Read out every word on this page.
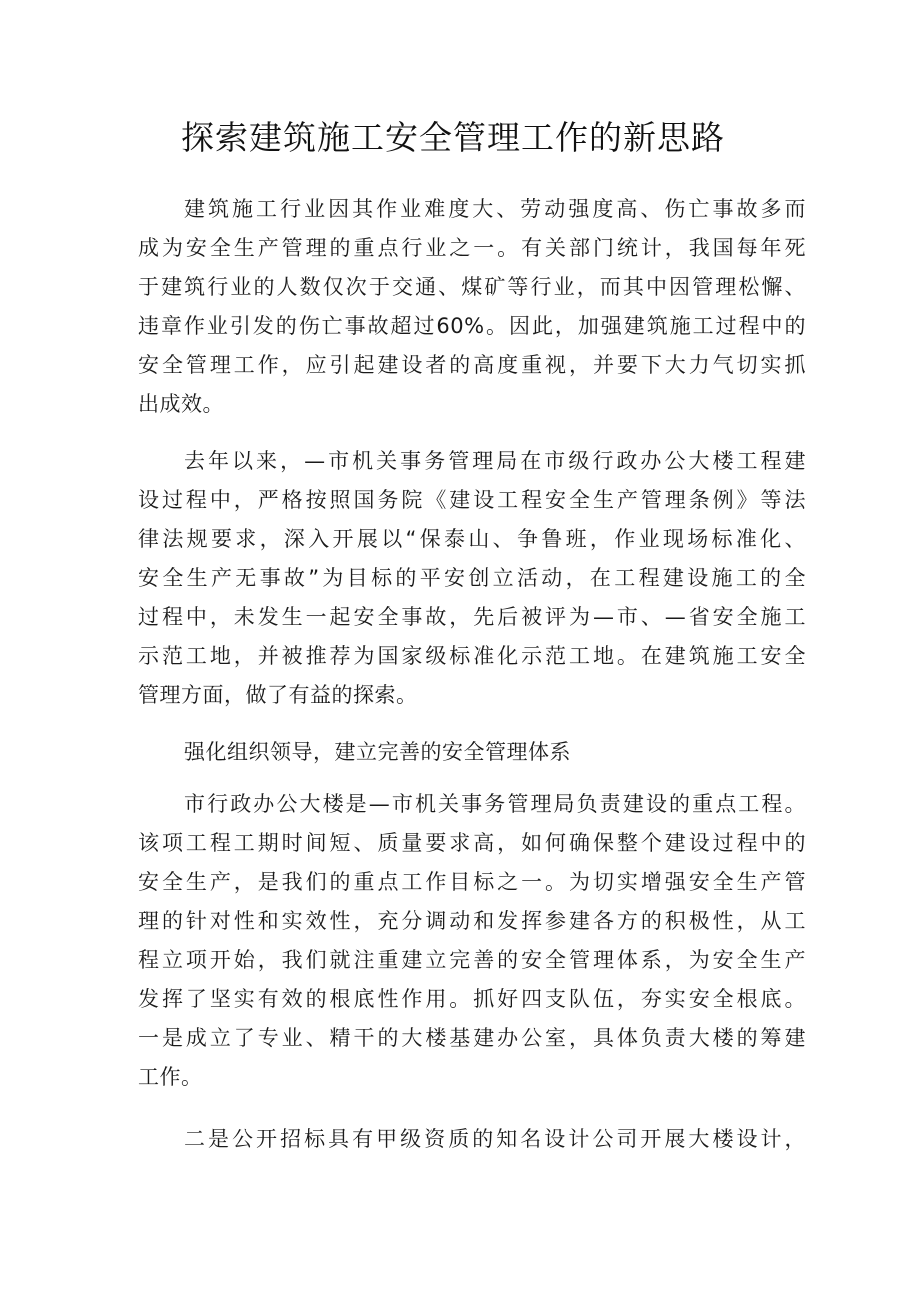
探索建筑施工安全管理工作的新思路
建筑施工行业因其作业难度大、劳动强度高、伤亡事故多而
成为安全生产管理的重点行业之一。有关部门统计，我国每年死
于建筑行业的人数仅次于交通、煤矿等行业，而其中因管理松懈、
违章作业引发的伤亡事故超过60%。因此，加强建筑施工过程中的
安全管理工作，应引起建设者的高度重视，并要下大力气切实抓
出成效。
去年以来，—市机关事务管理局在市级行政办公大楼工程建
设过程中，严格按照国务院《建设工程安全生产管理条例》等法
律法规要求，深入开展以“保泰山、争鲁班，作业现场标准化、
安全生产无事故”为目标的平安创立活动，在工程建设施工的全
过程中，未发生一起安全事故，先后被评为—市、—省安全施工
示范工地，并被推荐为国家级标准化示范工地。在建筑施工安全
管理方面，做了有益的探索。
强化组织领导，建立完善的安全管理体系
市行政办公大楼是—市机关事务管理局负责建设的重点工程。
该项工程工期时间短、质量要求高，如何确保整个建设过程中的
安全生产，是我们的重点工作目标之一。为切实增强安全生产管
理的针对性和实效性，充分调动和发挥参建各方的积极性，从工
程立项开始，我们就注重建立完善的安全管理体系，为安全生产
发挥了坚实有效的根底性作用。抓好四支队伍，夯实安全根底。
一是成立了专业、精干的大楼基建办公室，具体负责大楼的筹建
工作。
二是公开招标具有甲级资质的知名设计公司开展大楼设计，
